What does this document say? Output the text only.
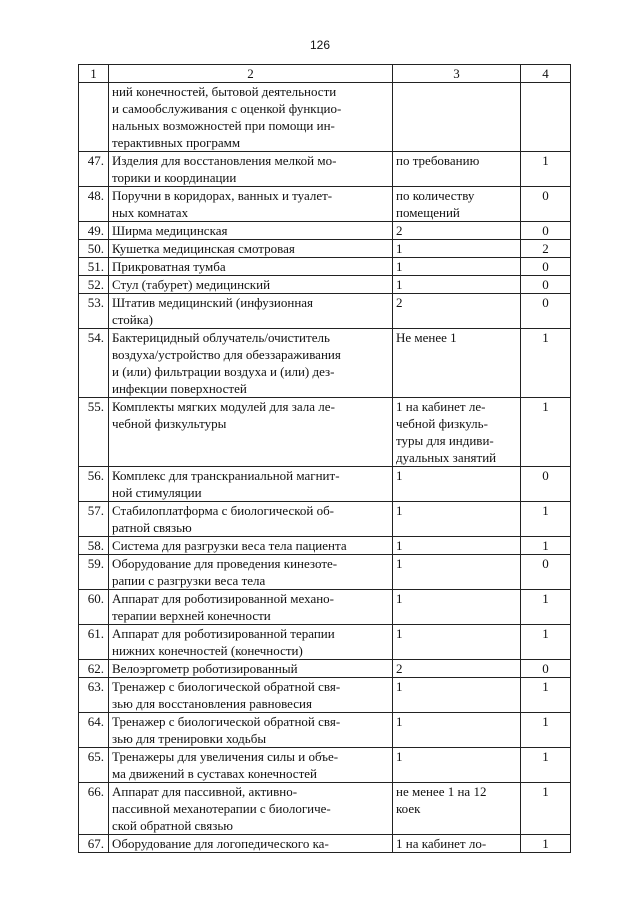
126
1	2	3	4
	ний конечностей, бытовой деятельности
и самообслуживания с оценкой функцио-
нальных возможностей при помощи ин-
терактивных программ		
47.	Изделия для восстановления мелкой мо-
торики и координации	по требованию	1
48.	Поручни в коридорах, ванных и туалет-
ных комнатах	по количеству
помещений	0
49.	Ширма медицинская	2	0
50.	Кушетка медицинская смотровая	1	2
51.	Прикроватная тумба	1	0
52.	Стул (табурет) медицинский	1	0
53.	Штатив медицинский (инфузионная
стойка)	2	0
54.	Бактерицидный облучатель/очиститель
воздуха/устройство для обеззараживания
и (или) фильтрации воздуха и (или) дез-
инфекции поверхностей	Не менее 1	1
55.	Комплекты мягких модулей для зала ле-
чебной физкультуры	1 на кабинет ле-
чебной физкуль-
туры для индиви-
дуальных занятий	1
56.	Комплекс для транскраниальной магнит-
ной стимуляции	1	0
57.	Стабилоплатформа с биологической об-
ратной связью	1	1
58.	Система для разгрузки веса тела пациента	1	1
59.	Оборудование для проведения кинезоте-
рапии с разгрузки веса тела	1	0
60.	Аппарат для роботизированной механо-
терапии верхней конечности	1	1
61.	Аппарат для роботизированной терапии
нижних конечностей (конечности)	1	1
62.	Велоэргометр роботизированный	2	0
63.	Тренажер с биологической обратной свя-
зью для восстановления равновесия	1	1
64.	Тренажер с биологической обратной свя-
зью для тренировки ходьбы	1	1
65.	Тренажеры для увеличения силы и объе-
ма движений в суставах конечностей	1	1
66.	Аппарат для пассивной, активно-
пассивной механотерапии с биологиче-
ской обратной связью	не менее 1 на 12
коек	1
67.	Оборудование для логопедического ка-	1 на кабинет ло-	1
